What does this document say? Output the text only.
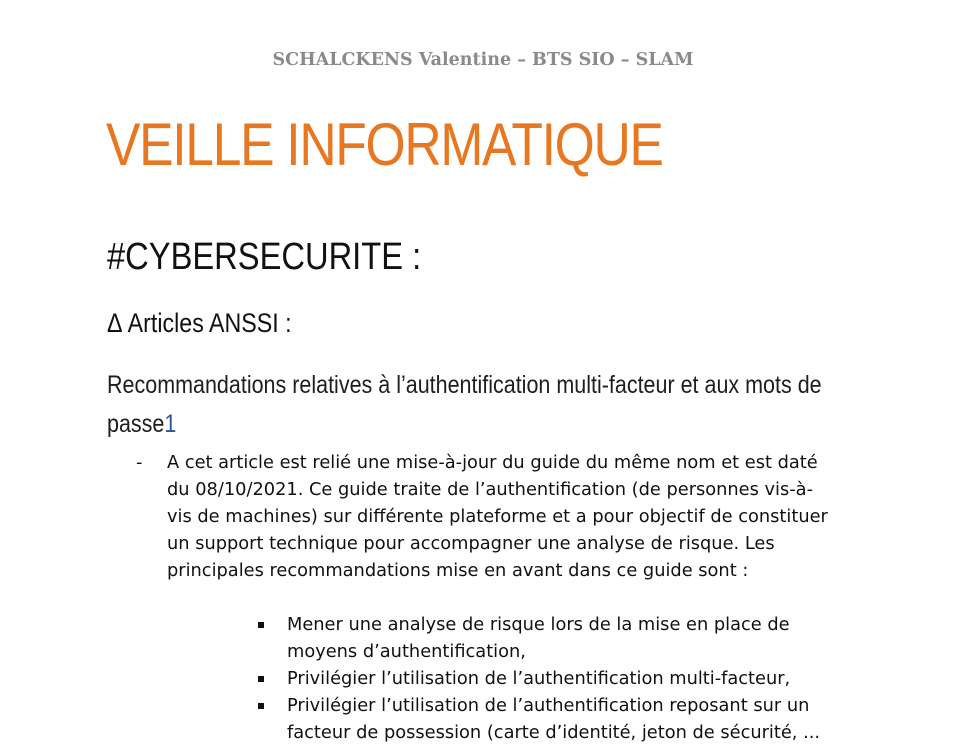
SCHALCKENS Valentine – BTS SIO – SLAM
VEILLE INFORMATIQUE
#CYBERSECURITE :
Δ Articles ANSSI :
Recommandations relatives à l’authentification multi-facteur et aux mots de passe1
- A cet article est relié une mise-à-jour du guide du même nom et est daté du 08/10/2021. Ce guide traite de l’authentification (de personnes vis-à-vis de machines) sur différente plateforme et a pour objectif de constituer un support technique pour accompagner une analyse de risque. Les principales recommandations mise en avant dans ce guide sont :
Mener une analyse de risque lors de la mise en place de moyens d’authentification,
Privilégier l’utilisation de l’authentification multi-facteur,
Privilégier l’utilisation de l’authentification reposant sur un facteur de possession (carte d’identité, jeton de sécurité, ...
